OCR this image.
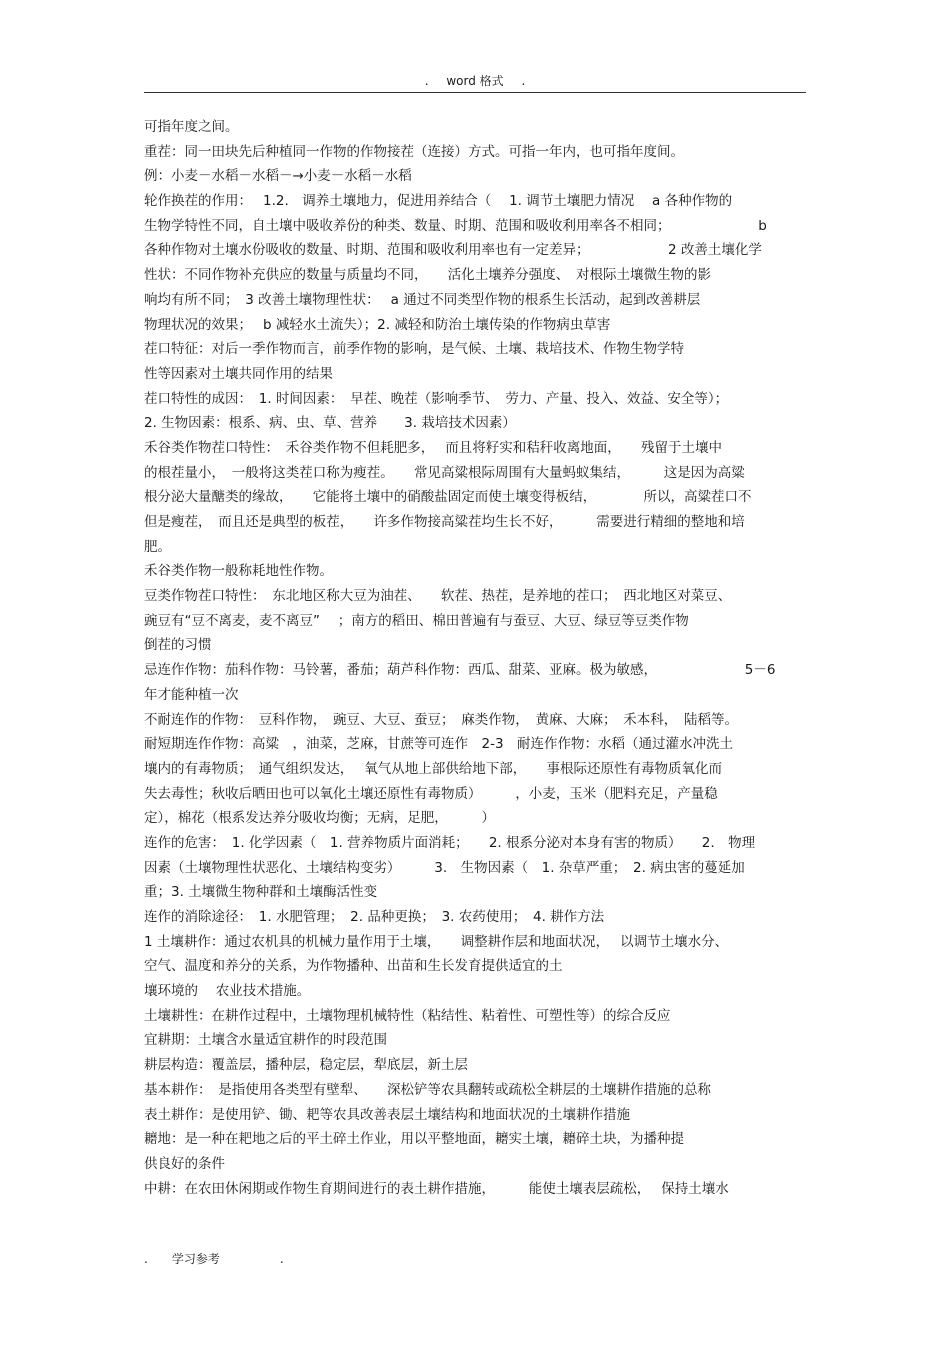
. word 格式 .
可指年度之间。
重茬：同一田块先后种植同一作物的作物接茬（连接）方式。可指一年内，也可指年度间。
例：小麦－水稻－水稻－→小麦－水稻－水稻
轮作换茬的作用：　 1.2.　调养土壤地力，促进用养结合（　 1. 调节土壤肥力情况　 a 各种作物的
生物学特性不同，自土壤中吸收养份的种类、数量、时期、范围和吸收利用率各不相同；　　　　　　　b
各种作物对土壤水份吸收的数量、时期、范围和吸收利用率也有一定差异；　　　　　　 2 改善土壤化学
性状：不同作物补充供应的数量与质量均不同，　　活化土壤养分强度、　对根际土壤微生物的影
响均有所不同；　3 改善土壤物理性状：　 a 通过不同类型作物的根系生长活动，起到改善耕层
物理状况的效果；　 b 减轻水土流失）；2. 减轻和防治土壤传染的作物病虫草害
茬口特征：对后一季作物而言，前季作物的影响，是气候、土壤、栽培技术、作物生物学特
性等因素对土壤共同作用的结果
茬口特性的成因：　1. 时间因素：　早茬、晚茬（影响季节、　劳力、产量、投入、效益、安全等）；
2. 生物因素：根系、病、虫、草、营养　　3. 栽培技术因素）
禾谷类作物茬口特性：　禾谷类作物不但耗肥多，　 而且将籽实和秸秆收离地面，　　残留于土壤中
的根茬量小，　一般将这类茬口称为瘦茬。　　常见高粱根际周围有大量蚂蚁集结，　　　这是因为高粱
根分泌大量醣类的缘故，　　它能将土壤中的硝酸盐固定而使土壤变得板结，　　　　所以，高粱茬口不
但是瘦茬，　而且还是典型的板茬，　　许多作物接高粱茬均生长不好，　　　需要进行精细的整地和培
肥。
禾谷类作物一般称耗地性作物。
豆类作物茬口特性：　东北地区称大豆为油茬、　　软茬、热茬，是养地的茬口；　西北地区对菜豆、
豌豆有“豆不离麦，麦不离豆”　 ；南方的稻田、棉田普遍有与蚕豆、大豆、绿豆等豆类作物
倒茬的习惯
忌连作作物：茄科作物：马铃薯，番茄；葫芦科作物：西瓜、甜菜、亚麻。极为敏感，　　　　　　　5－6
年才能种植一次
不耐连作的作物：　豆科作物，　豌豆、大豆、蚕豆；　麻类作物，　黄麻、大麻；　禾本科，　陆稻等。
耐短期连作作物：高粱　，油菜，芝麻，甘蔗等可连作　2-3　耐连作作物：水稻（通过灌水冲洗土
壤内的有毒物质；　通气组织发达，　 氧气从地上部供给地下部，　　事根际还原性有毒物质氧化而
失去毒性；秋收后晒田也可以氧化土壤还原性有毒物质）　　　，小麦，玉米（肥料充足，产量稳
定），棉花（根系发达养分吸收均衡；无病，足肥，　　　）
连作的危害：　1. 化学因素（　1. 营养物质片面消耗；　　2. 根系分泌对本身有害的物质）　　2.　物理
因素（土壤物理性状恶化、土壤结构变劣）　　　3.　生物因素（　1. 杂草严重；　2. 病虫害的蔓延加
重；3. 土壤微生物种群和土壤酶活性变
连作的消除途径：　1. 水肥管理；　2. 品种更换；　3. 农药使用；　4. 耕作方法
1 土壤耕作：通过农机具的机械力量作用于土壤，　　调整耕作层和地面状况，　 以调节土壤水分、
空气、温度和养分的关系，为作物播种、出苗和生长发育提供适宜的土
壤环境的　 农业技术措施。
土壤耕性：在耕作过程中，土壤物理机械特性（粘结性、粘着性、可塑性等）的综合反应
宜耕期：土壤含水量适宜耕作的时段范围
耕层构造：覆盖层，播种层，稳定层，犁底层，新土层
基本耕作：　是指使用各类型有壁犁、　　深松铲等农具翻转或疏松全耕层的土壤耕作措施的总称
表土耕作：是使用铲、锄、耙等农具改善表层土壤结构和地面状况的土壤耕作措施
耱地：是一种在耙地之后的平土碎土作业，用以平整地面，耱实土壤，耱碎土块，为播种提
供良好的条件
中耕：在农田休闲期或作物生育期间进行的表土耕作措施，　　　能使土壤表层疏松，　 保持土壤水
.　　学习参考　　　　　.
